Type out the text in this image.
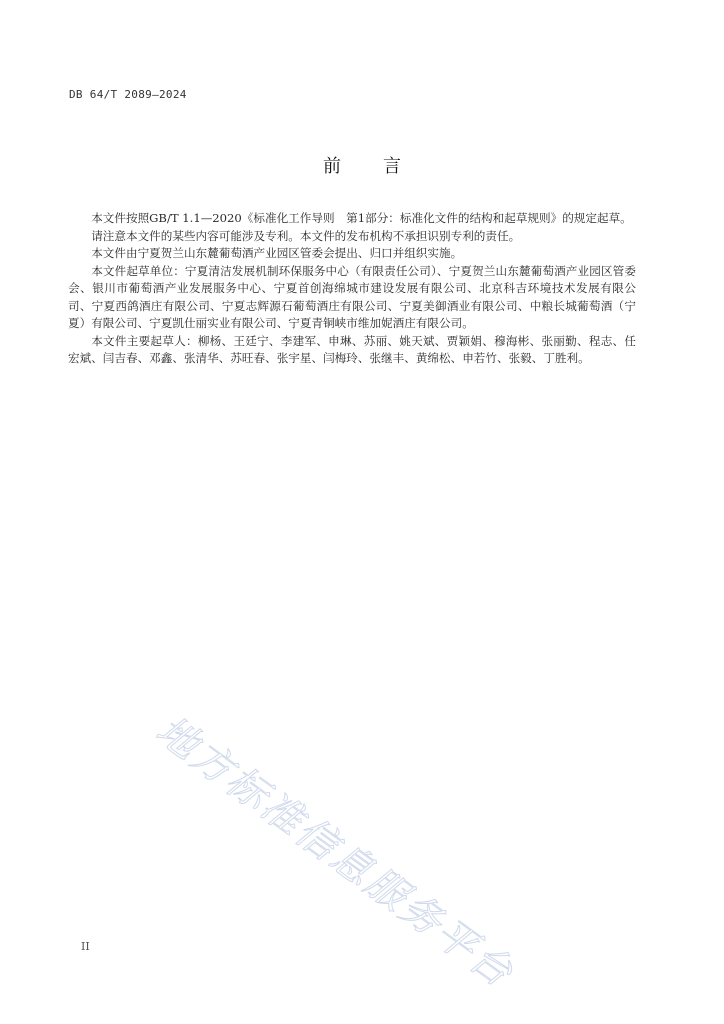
DB 64/T 2089—2024
前言

本文件按照GB/T 1.1—2020《标准化工作导则　第1部分：标准化文件的结构和起草规则》的规定起草。

请注意本文件的某些内容可能涉及专利。本文件的发布机构不承担识别专利的责任。

本文件由宁夏贺兰山东麓葡萄酒产业园区管委会提出、归口并组织实施。

本文件起草单位：宁夏清洁发展机制环保服务中心（有限责任公司）、宁夏贺兰山东麓葡萄酒产业园区管委会、银川市葡萄酒产业发展服务中心、宁夏首创海绵城市建设发展有限公司、北京科吉环境技术发展有限公司、宁夏西鸽酒庄有限公司、宁夏志辉源石葡萄酒庄有限公司、宁夏美御酒业有限公司、中粮长城葡萄酒（宁夏）有限公司、宁夏凯仕丽实业有限公司、宁夏青铜峡市维加妮酒庄有限公司。

本文件主要起草人：柳杨、王廷宁、李建军、申琳、苏丽、姚天斌、贾颖娟、穆海彬、张丽勤、程志、任宏斌、闫吉春、邓鑫、张清华、苏旺春、张宇星、闫梅玲、张继丰、黄绵松、申若竹、张毅、丁胜利。

地方标准信息服务平台
II
